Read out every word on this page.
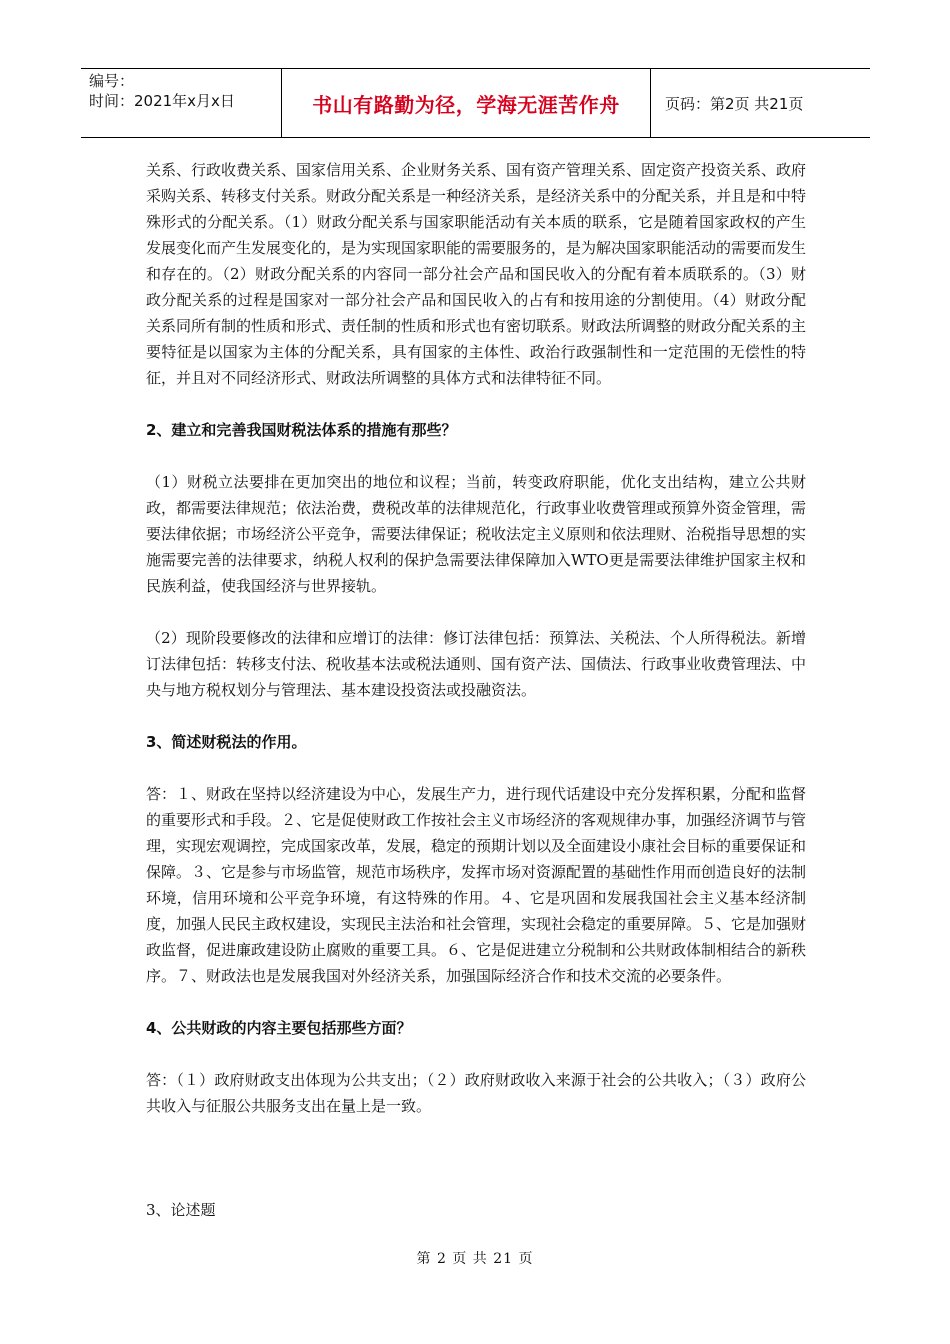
编号：
时间：2021年x月x日	书山有路勤为径，学海无涯苦作舟	页码：第2页 共21页

关系、行政收费关系、国家信用关系、企业财务关系、国有资产管理关系、固定资产投资关系、政府采购关系、转移支付关系。财政分配关系是一种经济关系，是经济关系中的分配关系，并且是和中特殊形式的分配关系。（1）财政分配关系与国家职能活动有关本质的联系，它是随着国家政权的产生发展变化而产生发展变化的，是为实现国家职能的需要服务的，是为解决国家职能活动的需要而发生和存在的。（2）财政分配关系的内容同一部分社会产品和国民收入的分配有着本质联系的。（3）财政分配关系的过程是国家对一部分社会产品和国民收入的占有和按用途的分割使用。（4）财政分配关系同所有制的性质和形式、责任制的性质和形式也有密切联系。财政法所调整的财政分配关系的主要特征是以国家为主体的分配关系，具有国家的主体性、政治行政强制性和一定范围的无偿性的特征，并且对不同经济形式、财政法所调整的具体方式和法律特征不同。

2、建立和完善我国财税法体系的措施有那些？

（1）财税立法要排在更加突出的地位和议程；当前，转变政府职能，优化支出结构，建立公共财政，都需要法律规范；依法治费，费税改革的法律规范化，行政事业收费管理或预算外资金管理，需要法律依据；市场经济公平竞争，需要法律保证；税收法定主义原则和依法理财、治税指导思想的实施需要完善的法律要求，纳税人权利的保护急需要法律保障加入WTO更是需要法律维护国家主权和民族利益，使我国经济与世界接轨。

（2）现阶段要修改的法律和应增订的法律：修订法律包括：预算法、关税法、个人所得税法。新增订法律包括：转移支付法、税收基本法或税法通则、国有资产法、国债法、行政事业收费管理法、中央与地方税权划分与管理法、基本建设投资法或投融资法。

3、简述财税法的作用。

答：１、财政在坚持以经济建设为中心，发展生产力，进行现代话建设中充分发挥积累，分配和监督的重要形式和手段。２、它是促使财政工作按社会主义市场经济的客观规律办事，加强经济调节与管理，实现宏观调控，完成国家改革，发展，稳定的预期计划以及全面建设小康社会目标的重要保证和保障。３、它是参与市场监管，规范市场秩序，发挥市场对资源配置的基础性作用而创造良好的法制环境，信用环境和公平竞争环境，有这特殊的作用。４、它是巩固和发展我国社会主义基本经济制度，加强人民民主政权建设，实现民主法治和社会管理，实现社会稳定的重要屏障。５、它是加强财政监督，促进廉政建设防止腐败的重要工具。６、它是促进建立分税制和公共财政体制相结合的新秩序。７、财政法也是发展我国对外经济关系，加强国际经济合作和技术交流的必要条件。

4、公共财政的内容主要包括那些方面？

答：（１）政府财政支出体现为公共支出；（２）政府财政收入来源于社会的公共收入；（３）政府公共收入与征服公共服务支出在量上是一致。

3、论述题

第 2 页 共 21 页
